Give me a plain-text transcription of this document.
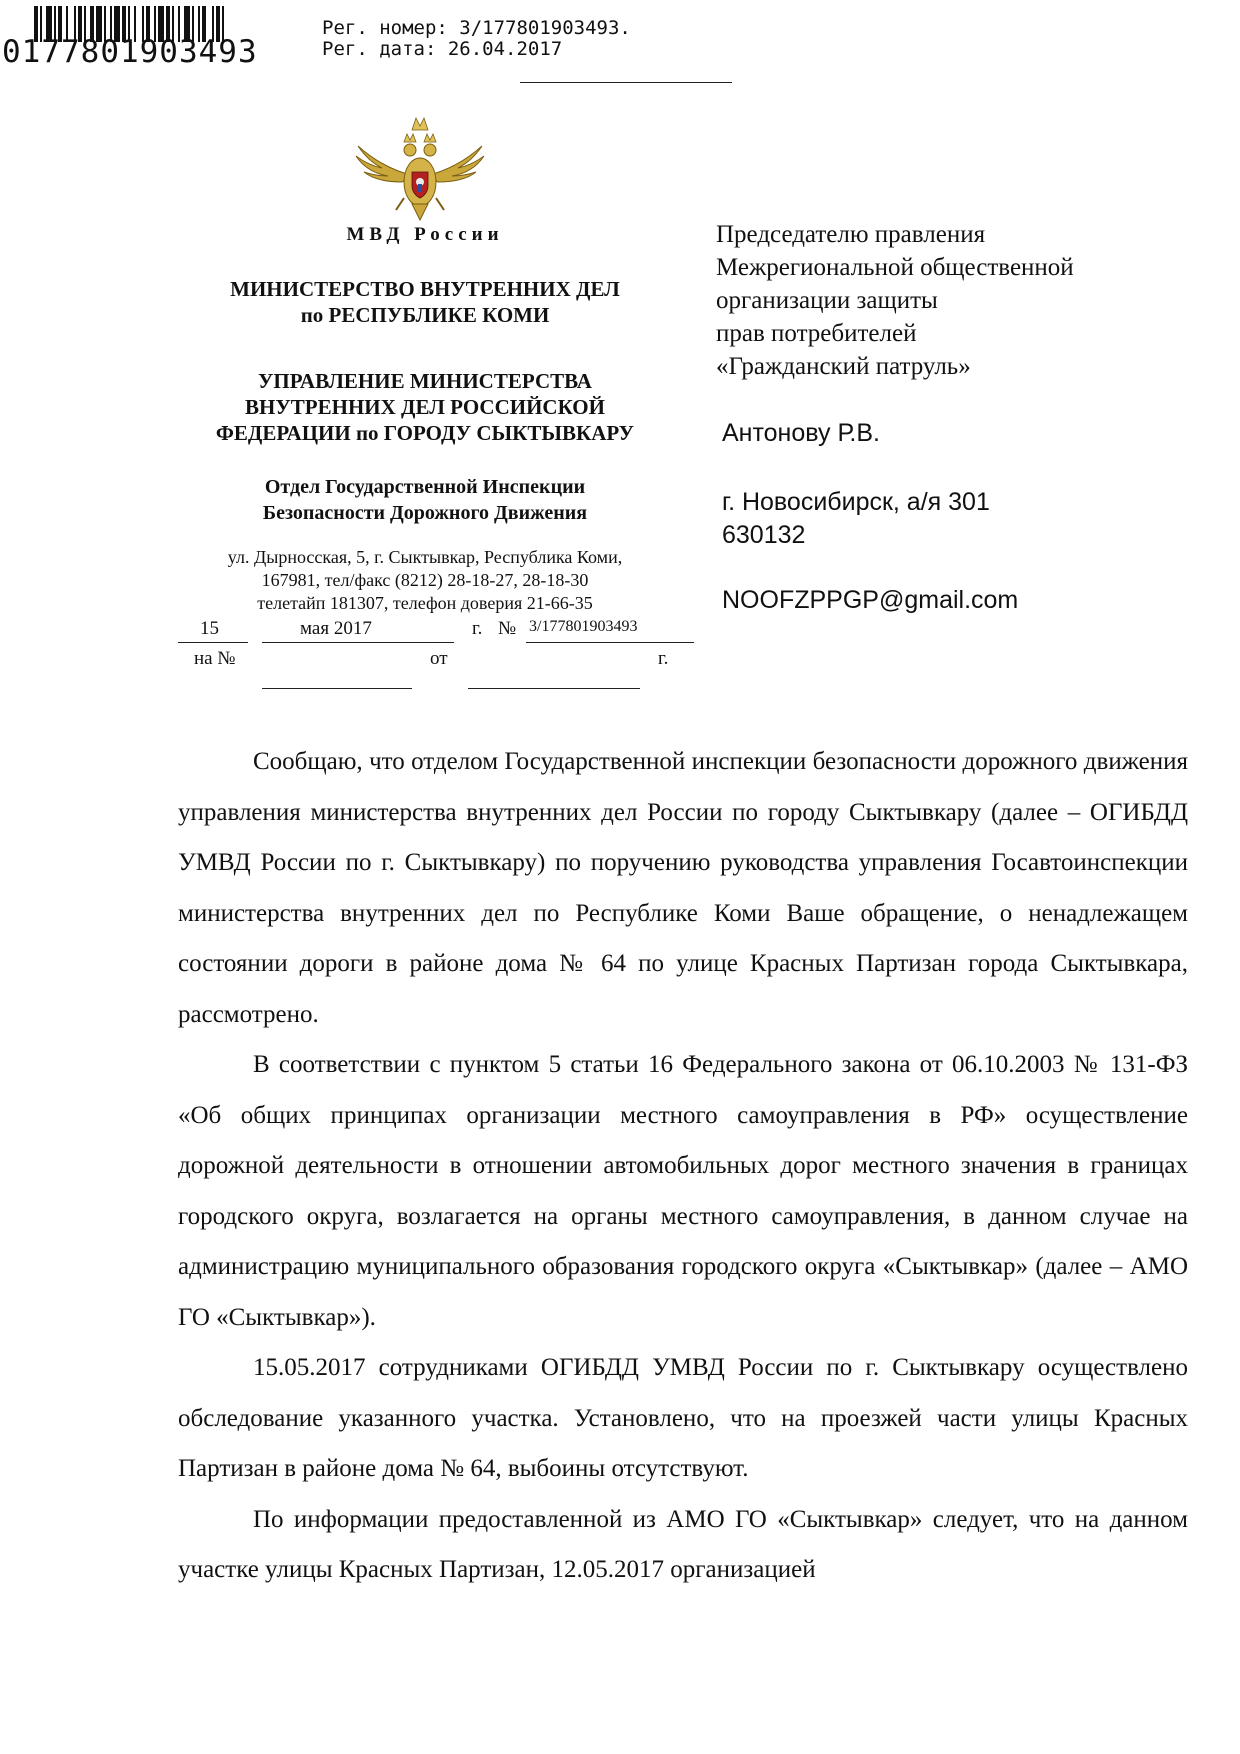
0177801903493
Рег. номер: 3/177801903493.
Рег. дата: 26.04.2017
МВД России
МИНИСТЕРСТВО ВНУТРЕННИХ ДЕЛ
по РЕСПУБЛИКЕ КОМИ
УПРАВЛЕНИЕ МИНИСТЕРСТВА
ВНУТРЕННИХ ДЕЛ РОССИЙСКОЙ
ФЕДЕРАЦИИ по ГОРОДУ СЫКТЫВКАРУ
Отдел Государственной Инспекции
Безопасности Дорожного Движения
ул. Дырносская, 5, г. Сыктывкар, Республика Коми,
167981, тел/факс (8212) 28-18-27, 28-18-30
телетайп 181307, телефон доверия 21-66-35
15	мая 2017	г. № 3/177801903493
на №	от	г.
Председателю правления
Межрегиональной общественной
организации защиты
прав потребителей
«Гражданский патруль»
Антонову Р.В.
г. Новосибирск, а/я 301
630132
NOOFZPPGP@gmail.com

Сообщаю, что отделом Государственной инспекции безопасности дорожного движения управления министерства внутренних дел России по городу Сыктывкару (далее – ОГИБДД УМВД России по г. Сыктывкару) по поручению руководства управления Госавтоинспекции министерства внутренних дел по Республике Коми Ваше обращение, о ненадлежащем состоянии дороги в районе дома № 64 по улице Красных Партизан города Сыктывкара, рассмотрено.

В соответствии с пунктом 5 статьи 16 Федерального закона от 06.10.2003 № 131-ФЗ «Об общих принципах организации местного самоуправления в РФ» осуществление дорожной деятельности в отношении автомобильных дорог местного значения в границах городского округа, возлагается на органы местного самоуправления, в данном случае на администрацию муниципального образования городского округа «Сыктывкар» (далее – АМО ГО «Сыктывкар»).

15.05.2017 сотрудниками ОГИБДД УМВД России по г. Сыктывкару осуществлено обследование указанного участка. Установлено, что на проезжей части улицы Красных Партизан в районе дома № 64, выбоины отсутствуют.

По информации предоставленной из АМО ГО «Сыктывкар» следует, что на данном участке улицы Красных Партизан, 12.05.2017 организацией
